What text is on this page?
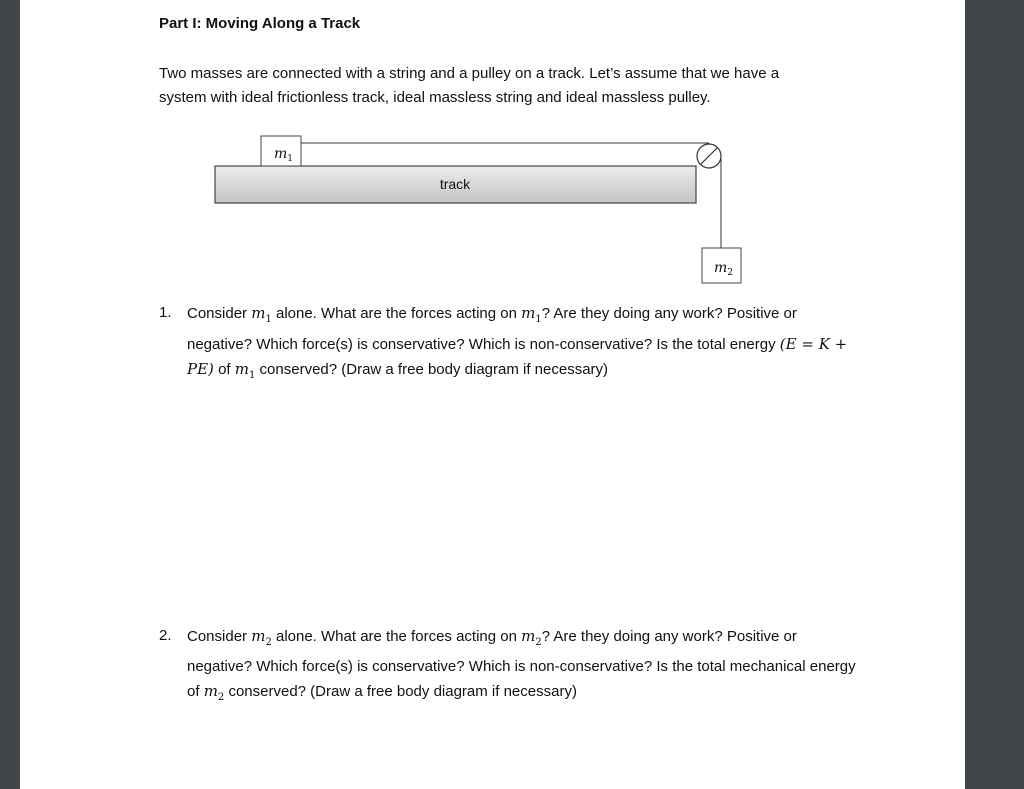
Part I: Moving Along a Track
Two masses are connected with a string and a pulley on a track. Let’s assume that we have a system with ideal frictionless track, ideal massless string and ideal massless pulley.
track
$m_1$
$m_2$
1. Consider $m_1$ alone. What are the forces acting on $m_1$? Are they doing any work? Positive or negative? Which force(s) is conservative? Which is non-conservative? Is the total energy (E = K + PE) of $m_1$ conserved? (Draw a free body diagram if necessary)
2. Consider $m_2$ alone. What are the forces acting on $m_2$? Are they doing any work? Positive or negative? Which force(s) is conservative? Which is non-conservative? Is the total mechanical energy of $m_2$ conserved? (Draw a free body diagram if necessary)
